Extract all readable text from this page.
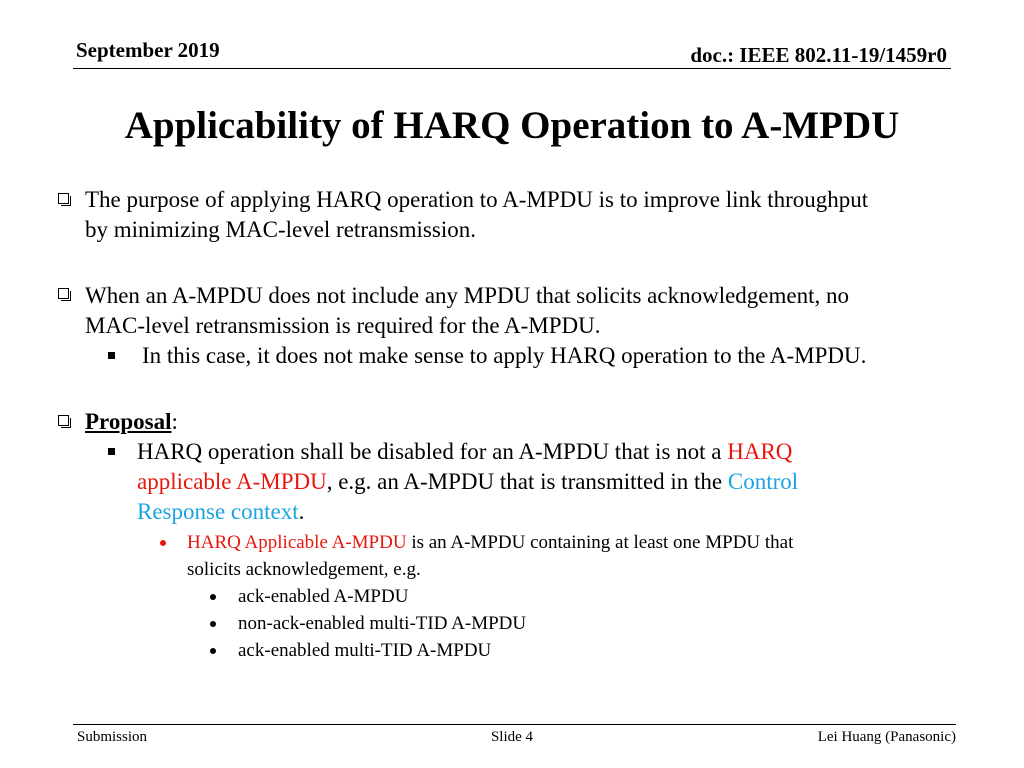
September 2019	doc.: IEEE 802.11-19/1459r0
Applicability of HARQ Operation to A-MPDU
The purpose of applying HARQ operation to A-MPDU is to improve link throughput
by minimizing MAC-level retransmission.
When an A-MPDU does not include any MPDU that solicits acknowledgement, no
MAC-level retransmission is required for the A-MPDU.
In this case, it does not make sense to apply HARQ operation to the A-MPDU.
Proposal:
HARQ operation shall be disabled for an A-MPDU that is not a HARQ
applicable A-MPDU, e.g. an A-MPDU that is transmitted in the Control
Response context.
HARQ Applicable A-MPDU is an A-MPDU containing at least one MPDU that
solicits acknowledgement, e.g.
ack-enabled A-MPDU
non-ack-enabled multi-TID A-MPDU
ack-enabled multi-TID A-MPDU
Submission	Slide 4	Lei Huang (Panasonic)
